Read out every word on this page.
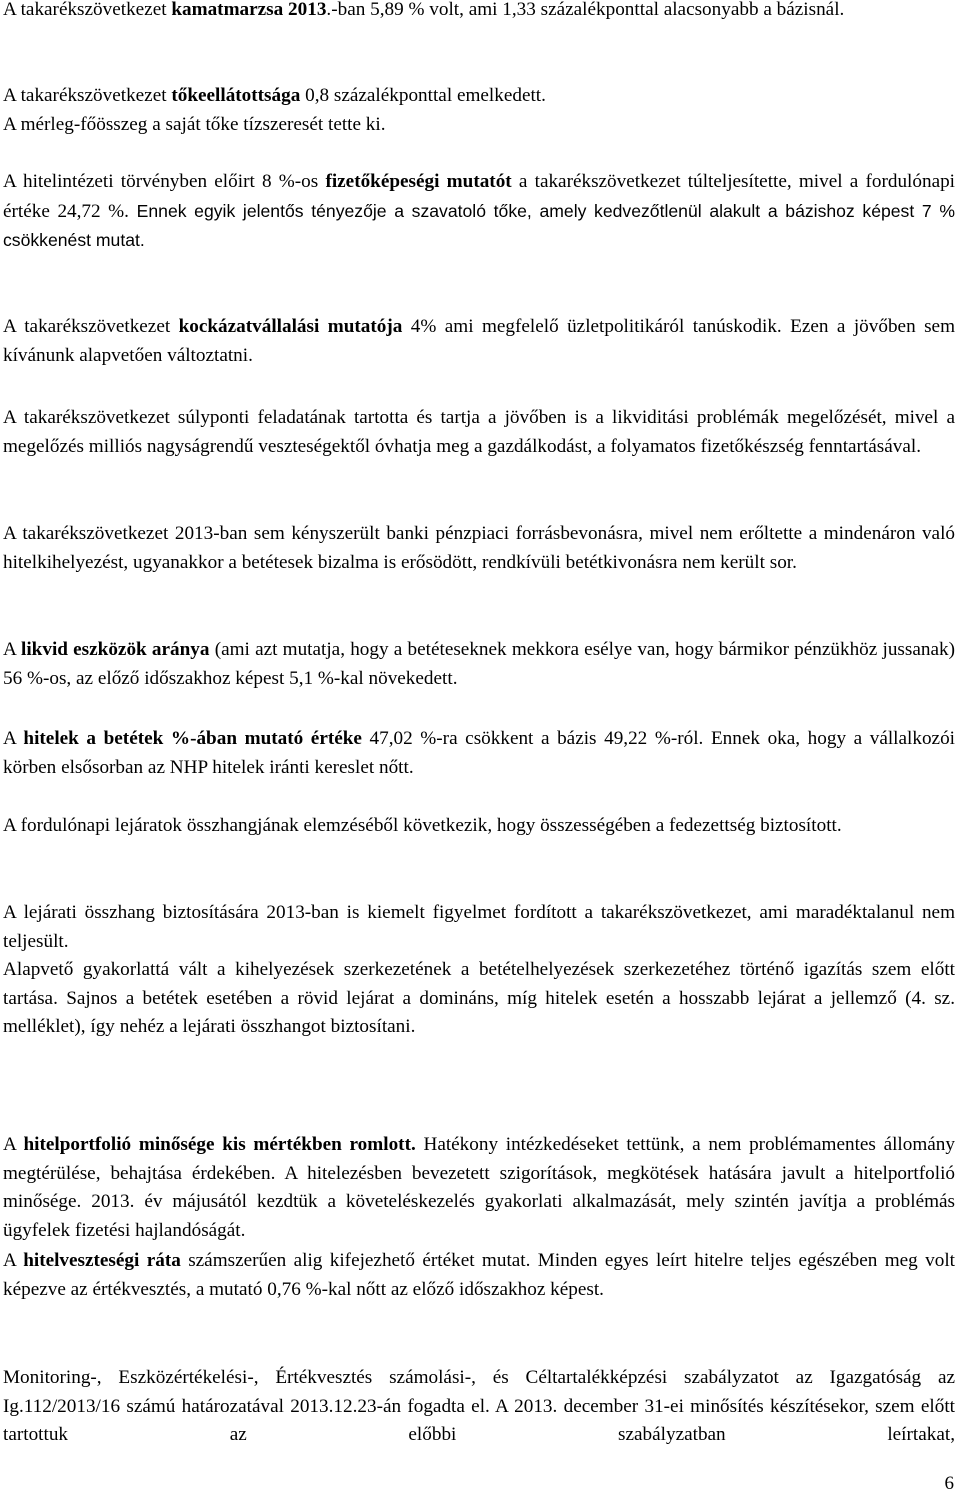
A takarékszövetkezet kamatmarzsa 2013.-ban 5,89 % volt, ami 1,33 százalékponttal alacsonyabb a bázisnál.

A takarékszövetkezet tőkeellátottsága 0,8 százalékponttal emelkedett.

A mérleg-főösszeg a saját tőke tízszeresét tette ki.

A hitelintézeti törvényben előirt 8 %-os fizetőképeségi mutatót a takarékszövetkezet túlteljesítette, mivel a fordulónapi értéke 24,72 %. Ennek egyik jelentős tényezője a szavatoló tőke, amely kedvezőtlenül alakult a bázishoz képest 7 % csökkenést mutat.

A takarékszövetkezet kockázatvállalási mutatója 4% ami megfelelő üzletpolitikáról tanúskodik. Ezen a jövőben sem kívánunk alapvetően változtatni.

A takarékszövetkezet súlyponti feladatának tartotta és tartja a jövőben is a likviditási problémák megelőzését, mivel a megelőzés milliós nagyságrendű veszteségektől óvhatja meg a gazdálkodást, a folyamatos fizetőkészség fenntartásával.

A takarékszövetkezet 2013-ban sem kényszerült banki pénzpiaci forrásbevonásra, mivel nem erőltette a mindenáron való hitelkihelyezést, ugyanakkor a betétesek bizalma is erősödött, rendkívüli betétkivonásra nem került sor.

A likvid eszközök aránya (ami azt mutatja, hogy a betéteseknek mekkora esélye van, hogy bármikor pénzükhöz jussanak) 56 %-os, az előző időszakhoz képest 5,1 %-kal növekedett.

A hitelek a betétek %-ában mutató értéke 47,02 %-ra csökkent a bázis 49,22 %-ról. Ennek oka, hogy a vállalkozói körben elsősorban az NHP hitelek iránti kereslet nőtt.

A fordulónapi lejáratok összhangjának elemzéséből következik, hogy összességében a fedezettség biztosított.

A lejárati összhang biztosítására 2013-ban is kiemelt figyelmet fordított a takarékszövetkezet, ami maradéktalanul nem teljesült.

Alapvető gyakorlattá vált a kihelyezések szerkezetének a betételhelyezések szerkezetéhez történő igazítás szem előtt tartása. Sajnos a betétek esetében a rövid lejárat a domináns, míg hitelek esetén a hosszabb lejárat a jellemző (4. sz. melléklet), így nehéz a lejárati összhangot biztosítani.

A hitelportfolió minősége kis mértékben romlott. Hatékony intézkedéseket tettünk, a nem problémamentes állomány megtérülése, behajtása érdekében. A hitelezésben bevezetett szigorítások, megkötések hatására javult a hitelportfolió minősége. 2013. év májusától kezdtük a követeléskezelés gyakorlati alkalmazását, mely szintén javítja a problémás ügyfelek fizetési hajlandóságát.

A hitelveszteségi ráta számszerűen alig kifejezhető értéket mutat. Minden egyes leírt hitelre teljes egészében meg volt képezve az értékvesztés, a mutató 0,76 %-kal nőtt az előző időszakhoz képest.

Monitoring-, Eszközértékelési-, Értékvesztés számolási-, és Céltartalékképzési szabályzatot az Igazgatóság az Ig.112/2013/16 számú határozatával 2013.12.23-án fogadta el. A 2013. december 31-ei minősítés készítésekor, szem előtt tartottuk az előbbi szabályzatban leírtakat,

6
